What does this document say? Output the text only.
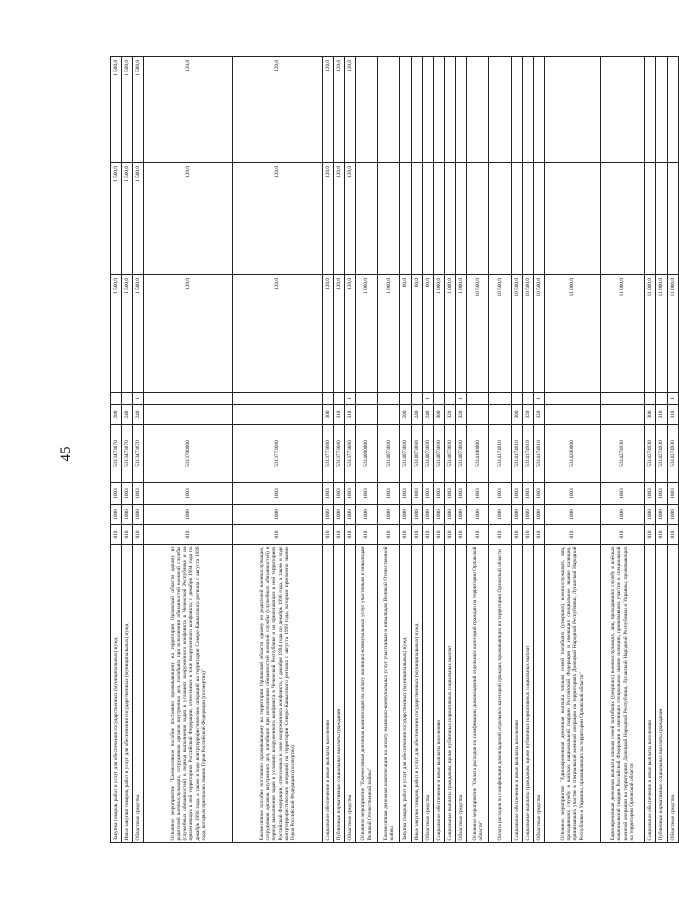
45
Закупка товаров, работ и услуг для обеспечения государственных (муниципальных) нужд	010	1000	1003	5313473670	200		1 500,0	1 500,0	1 500,0
Иные закупки товаров, работ и услуг для обеспечения государственных (муниципальных) нужд	010	1000	1003	5313473670	240		1 500,0	1 500,0	1 500,0
Областные средства	010	1000	1003	5313473670	240	1	1 500,0	1 500,0	1 500,0
Основное мероприятие "Ежемесячное пособие постоянно проживающему на территории Орловской области одному из родителей военнослужащих, сотрудников органов внутренних дел, погибших при исполнении обязанностей военной службы (служебных обязанностей) в период выполнения задач в условиях вооруженного конфликта в Чеченской Республике и на прилегающих к ней территориях Российской Федерации, отнесенных к зоне вооруженного конфликта, с декабря 1994 года по декабрь 1996 года, а также в ходе контртеррористических операций на территории Северо-Кавказского региона с августа 1999 года, которым присвоено звание Героя Российской Федерации (посмертно)"	010	1000	1003	5313700000			120,0	120,0	120,0
Ежемесячное пособие постоянно проживающему на территории Орловской области одному из родителей военнослужащих, сотрудников органов внутренних дел, погибших при исполнении обязанностей военной службы (служебных обязанностей) в период выполнения задач в условиях вооруженного конфликта в Чеченской Республике и на прилегающих к ней территориях Российской Федерации, отнесенных к зоне вооруженного конфликта, с декабря 1994 года по декабрь 1996 года, а также в ходе контртеррористических операций на территории Северо-Кавказского региона с августа 1999 года, которым присвоено звание Героя Российской Федерации (посмертно)	010	1000	1003	5313773680			120,0	120,0	120,0
Социальное обеспечение и иные выплаты населению	010	1000	1003	5313773680	300		120,0	120,0	120,0
Публичные нормативные социальные выплаты гражданам	010	1000	1003	5313773680	310		120,0	120,0	120,0
Областные средства	010	1000	1003	5313773680	310	1	120,0	120,0	120,0
Основное мероприятие "Ежемесячная денежная компенсация на оплату жилищно-коммунальных услуг участникам и инвалидам Великой Отечественной войны"	010	1000	1003	5314000000			1 060,0		
Ежемесячная денежная компенсация на оплату жилищно-коммунальных услуг участникам и инвалидам Великой Отечественной войны	010	1000	1003	5314073690			1 060,0		
Закупка товаров, работ и услуг для обеспечения государственных (муниципальных) нужд	010	1000	1003	5314073690	200		60,0		
Иные закупки товаров, работ и услуг для обеспечения государственных (муниципальных) нужд	010	1000	1003	5314073690	240		60,0		
Областные средства	010	1000	1003	5314073690	240	1	60,0		
Социальное обеспечение и иные выплаты населению	010	1000	1003	5314073690	300		1 000,0		
Социальные выплаты гражданам, кроме публичных нормативных социальных выплат	010	1000	1003	5314073690	320		1 000,0		
Областные средства	010	1000	1003	5314073690	320	1	1 000,0		
Основное мероприятие "Оплата расходов по газификации домовладений отдельных категорий граждан на территории Орловской области"	010	1000	1003	5314100000			10 500,0		
Оплата расходов по газификации домовладений отдельных категорий граждан, проживающих на территории Орловской области	010	1000	1003	5314174910			10 500,0		
Социальное обеспечение и иные выплаты населению	010	1000	1003	5314174910	300		10 500,0		
Социальные выплаты гражданам, кроме публичных нормативных социальных выплат	010	1000	1003	5314174910	320		10 500,0		
Областные средства	010	1000	1003	5314174910	320	1	10 500,0		
Основное мероприятие "Единовременная денежная выплата членам семей погибших (умерших) военнослужащих, лиц, проходивших службу в войсках национальной гвардии Российской Федерации и имеющих специальное звание полиции, принимавших участие в специальной военной операции на территориях Донецкой Народной Республики, Луганской Народной Республики и Украины, проживающих на территории Орловской области"	010	1000	1003	5314200000			11 000,0		
Единовременная денежная выплата членам семей погибших (умерших) военнослужащих, лиц, проходивших службу в войсках национальной гвардии Российской Федерации и имеющих специальное звание полиции, принимавших участие в специальной военной операции на территориях Донецкой Народной Республики, Луганской Народной Республики и Украины, проживающих на территории Орловской области	010	1000	1003	5314274930			11 000,0		
Социальное обеспечение и иные выплаты населению	010	1000	1003	5314274930	300		11 000,0		
Публичные нормативные социальные выплаты гражданам	010	1000	1003	5314274930	310		11 000,0		
Областные средства	010	1000	1003	5314274930	310	1	11 000,0		
